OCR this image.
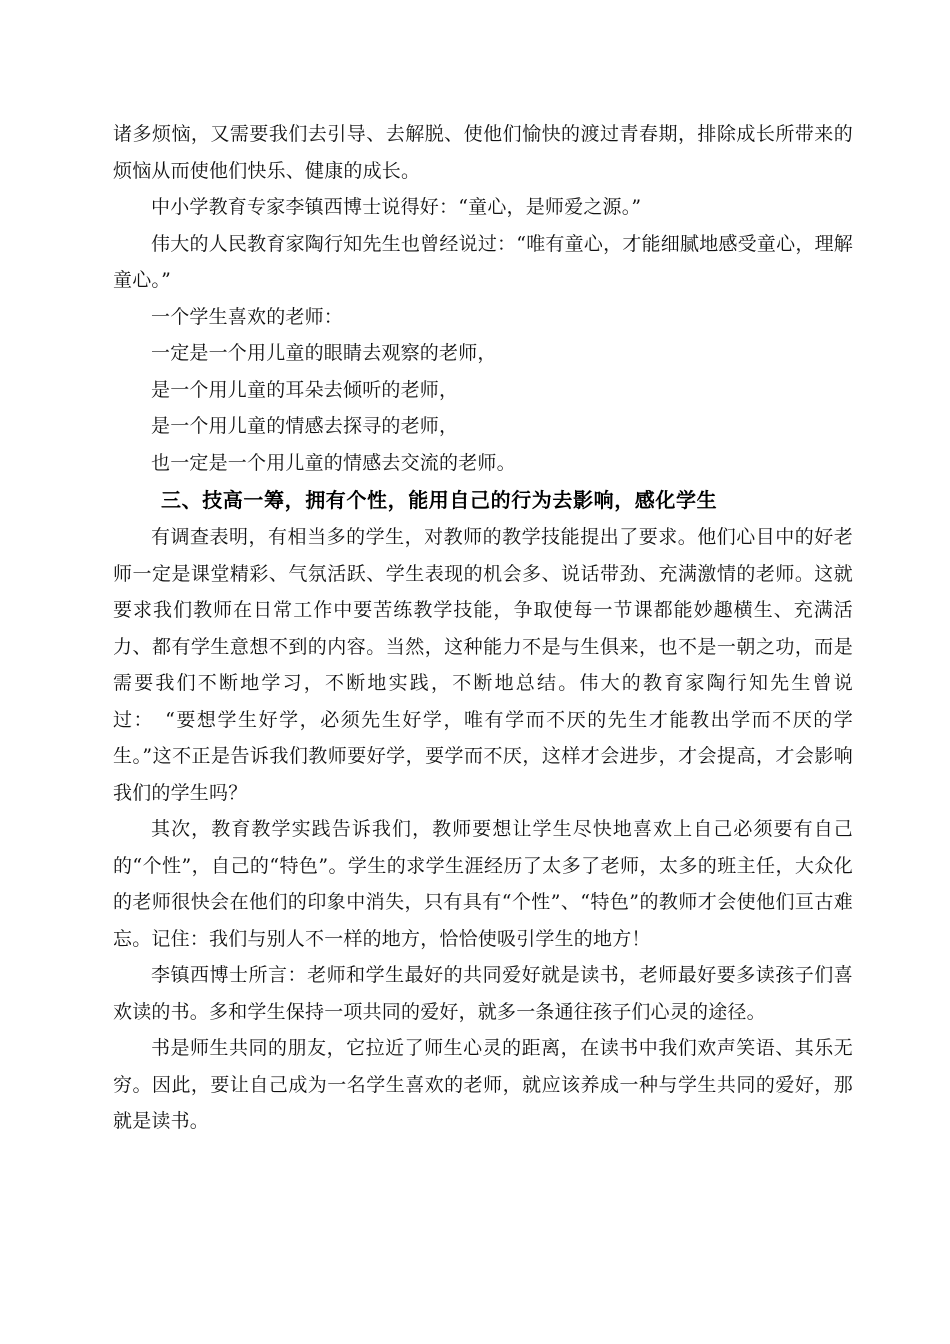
诸多烦恼，又需要我们去引导、去解脱、使他们愉快的渡过青春期，排除成长所带来的烦恼从而使他们快乐、健康的成长。

中小学教育专家李镇西博士说得好：“童心，是师爱之源。”

伟大的人民教育家陶行知先生也曾经说过：“唯有童心，才能细腻地感受童心，理解童心。”

一个学生喜欢的老师：

一定是一个用儿童的眼睛去观察的老师，

是一个用儿童的耳朵去倾听的老师，

是一个用儿童的情感去探寻的老师，

也一定是一个用儿童的情感去交流的老师。

三、技高一筹，拥有个性，能用自己的行为去影响，感化学生

有调查表明，有相当多的学生，对教师的教学技能提出了要求。他们心目中的好老师一定是课堂精彩、气氛活跃、学生表现的机会多、说话带劲、充满激情的老师。这就要求我们教师在日常工作中要苦练教学技能，争取使每一节课都能妙趣横生、充满活力、都有学生意想不到的内容。当然，这种能力不是与生俱来，也不是一朝之功，而是需要我们不断地学习，不断地实践，不断地总结。伟大的教育家陶行知先生曾说过：　“要想学生好学，必须先生好学，唯有学而不厌的先生才能教出学而不厌的学生。”这不正是告诉我们教师要好学，要学而不厌，这样才会进步，才会提高，才会影响我们的学生吗？

其次，教育教学实践告诉我们，教师要想让学生尽快地喜欢上自己必须要有自己的“个性”，自己的“特色”。学生的求学生涯经历了太多了老师，太多的班主任，大众化的老师很快会在他们的印象中消失，只有具有“个性”、“特色”的教师才会使他们亘古难忘。记住：我们与别人不一样的地方，恰恰使吸引学生的地方！

李镇西博士所言：老师和学生最好的共同爱好就是读书，老师最好要多读孩子们喜欢读的书。多和学生保持一项共同的爱好，就多一条通往孩子们心灵的途径。

书是师生共同的朋友，它拉近了师生心灵的距离，在读书中我们欢声笑语、其乐无穷。因此，要让自己成为一名学生喜欢的老师，就应该养成一种与学生共同的爱好，那就是读书。
